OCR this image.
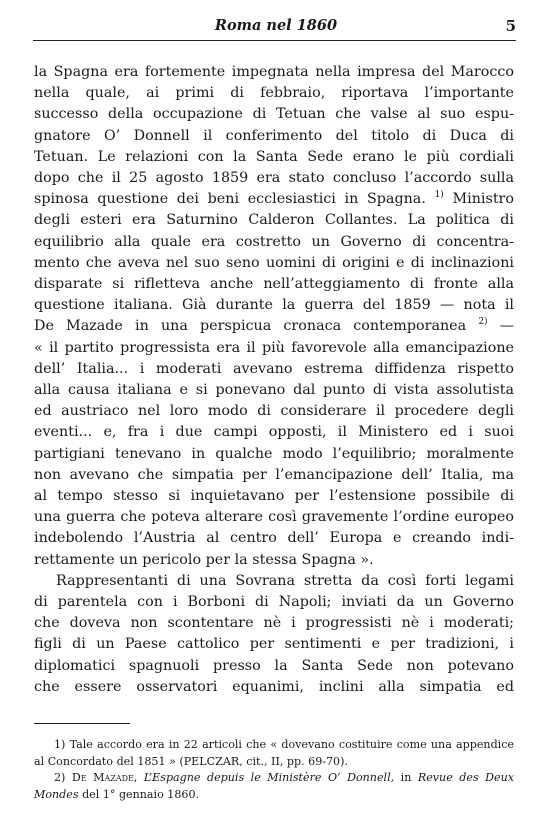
Roma nel 1860	5

la Spagna era fortemente impegnata nella impresa del Marocco
nella quale, ai primi di febbraio, riportava l’importante
successo della occupazione di Tetuan che valse al suo espu-
gnatore O’ Donnell il conferimento del titolo di Duca di
Tetuan. Le relazioni con la Santa Sede erano le più cordiali
dopo che il 25 agosto 1859 era stato concluso l’accordo sulla
spinosa questione dei beni ecclesiastici in Spagna. $^{1)}$ Ministro
degli esteri era Saturnino Calderon Collantes. La politica di
equilibrio alla quale era costretto un Governo di concentra-
mento che aveva nel suo seno uomini di origini e di inclinazioni
disparate si rifletteva anche nell’atteggiamento di fronte alla
questione italiana. Già durante la guerra del 1859 — nota il
De Mazade in una perspicua cronaca contemporanea $^{2)}$ —
« il partito progressista era il più favorevole alla emancipazione
dell’ Italia... i moderati avevano estrema diffidenza rispetto
alla causa italiana e si ponevano dal punto di vista assolutista
ed austriaco nel loro modo di considerare il procedere degli
eventi... e, fra i due campi opposti, il Ministero ed i suoi
partigiani tenevano in qualche modo l’equilibrio; moralmente
non avevano che simpatia per l’emancipazione dell’ Italia, ma
al tempo stesso si inquietavano per l’estensione possibile di
una guerra che poteva alterare così gravemente l’ordine europeo
indebolendo l’Austria al centro dell’ Europa e creando indi-
rettamente un pericolo per la stessa Spagna ».

Rappresentanti di una Sovrana stretta da così forti legami
di parentela con i Borboni di Napoli; inviati da un Governo
che doveva non scontentare nè i progressisti nè i moderati;
figli di un Paese cattolico per sentimenti e per tradizioni, i
diplomatici spagnuoli presso la Santa Sede non potevano
che essere osservatori equanimi, inclini alla simpatia ed

1) Tale accordo era in 22 articoli che « dovevano costituire come una appendice
al Concordato del 1851 » (PELCZAR, cit., II, pp. 69-70).
2) De Mazade, L’Espagne depuis le Ministère O’ Donnell, in Revue des Deux
Mondes del 1° gennaio 1860.
